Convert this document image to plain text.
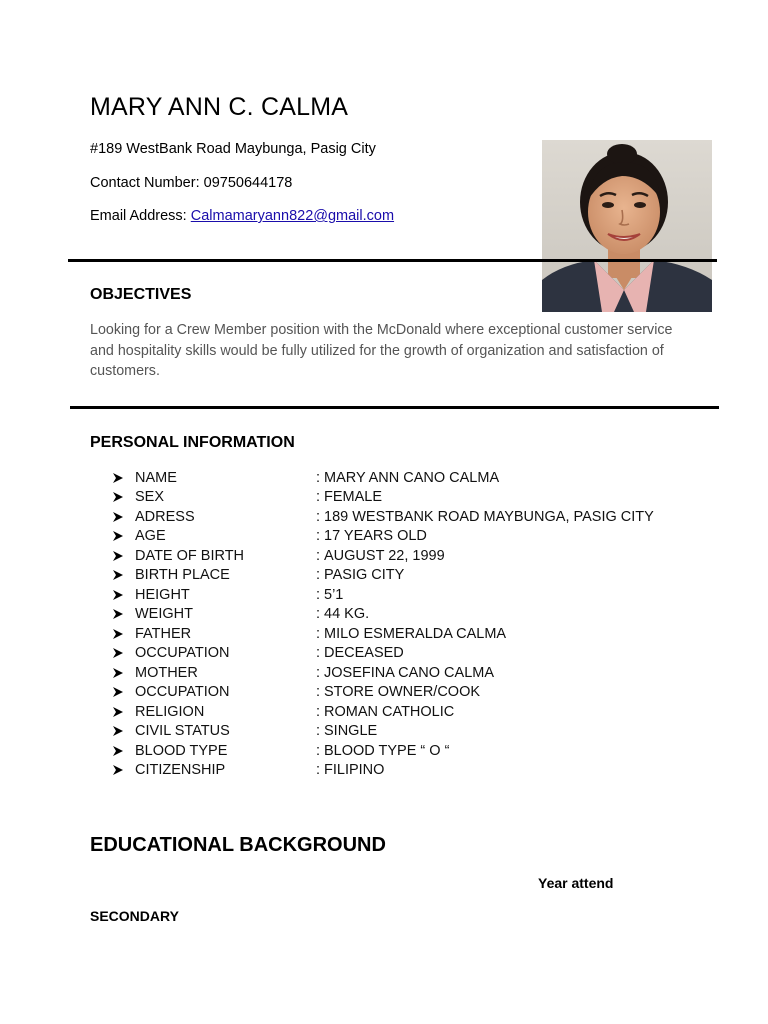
MARY ANN C. CALMA
#189 WestBank Road Maybunga, Pasig City
Contact Number: 09750644178
Email Address: Calmamaryann822@gmail.com
OBJECTIVES
Looking for a Crew Member position with the McDonald where exceptional customer service and hospitality skills would be fully utilized for the growth of organization and satisfaction of customers.
PERSONAL INFORMATION
NAME	: MARY ANN CANO CALMA
SEX	: FEMALE
ADRESS	: 189 WESTBANK ROAD MAYBUNGA, PASIG CITY
AGE	: 17 YEARS OLD
DATE OF BIRTH	: AUGUST 22, 1999
BIRTH PLACE	: PASIG CITY
HEIGHT	: 5’1
WEIGHT	: 44 KG.
FATHER	: MILO ESMERALDA CALMA
OCCUPATION	: DECEASED
MOTHER	: JOSEFINA CANO CALMA
OCCUPATION	: STORE OWNER/COOK
RELIGION	: ROMAN CATHOLIC
CIVIL STATUS	: SINGLE
BLOOD TYPE	: BLOOD TYPE “ O “
CITIZENSHIP	: FILIPINO
EDUCATIONAL BACKGROUND
Year attend
SECONDARY
